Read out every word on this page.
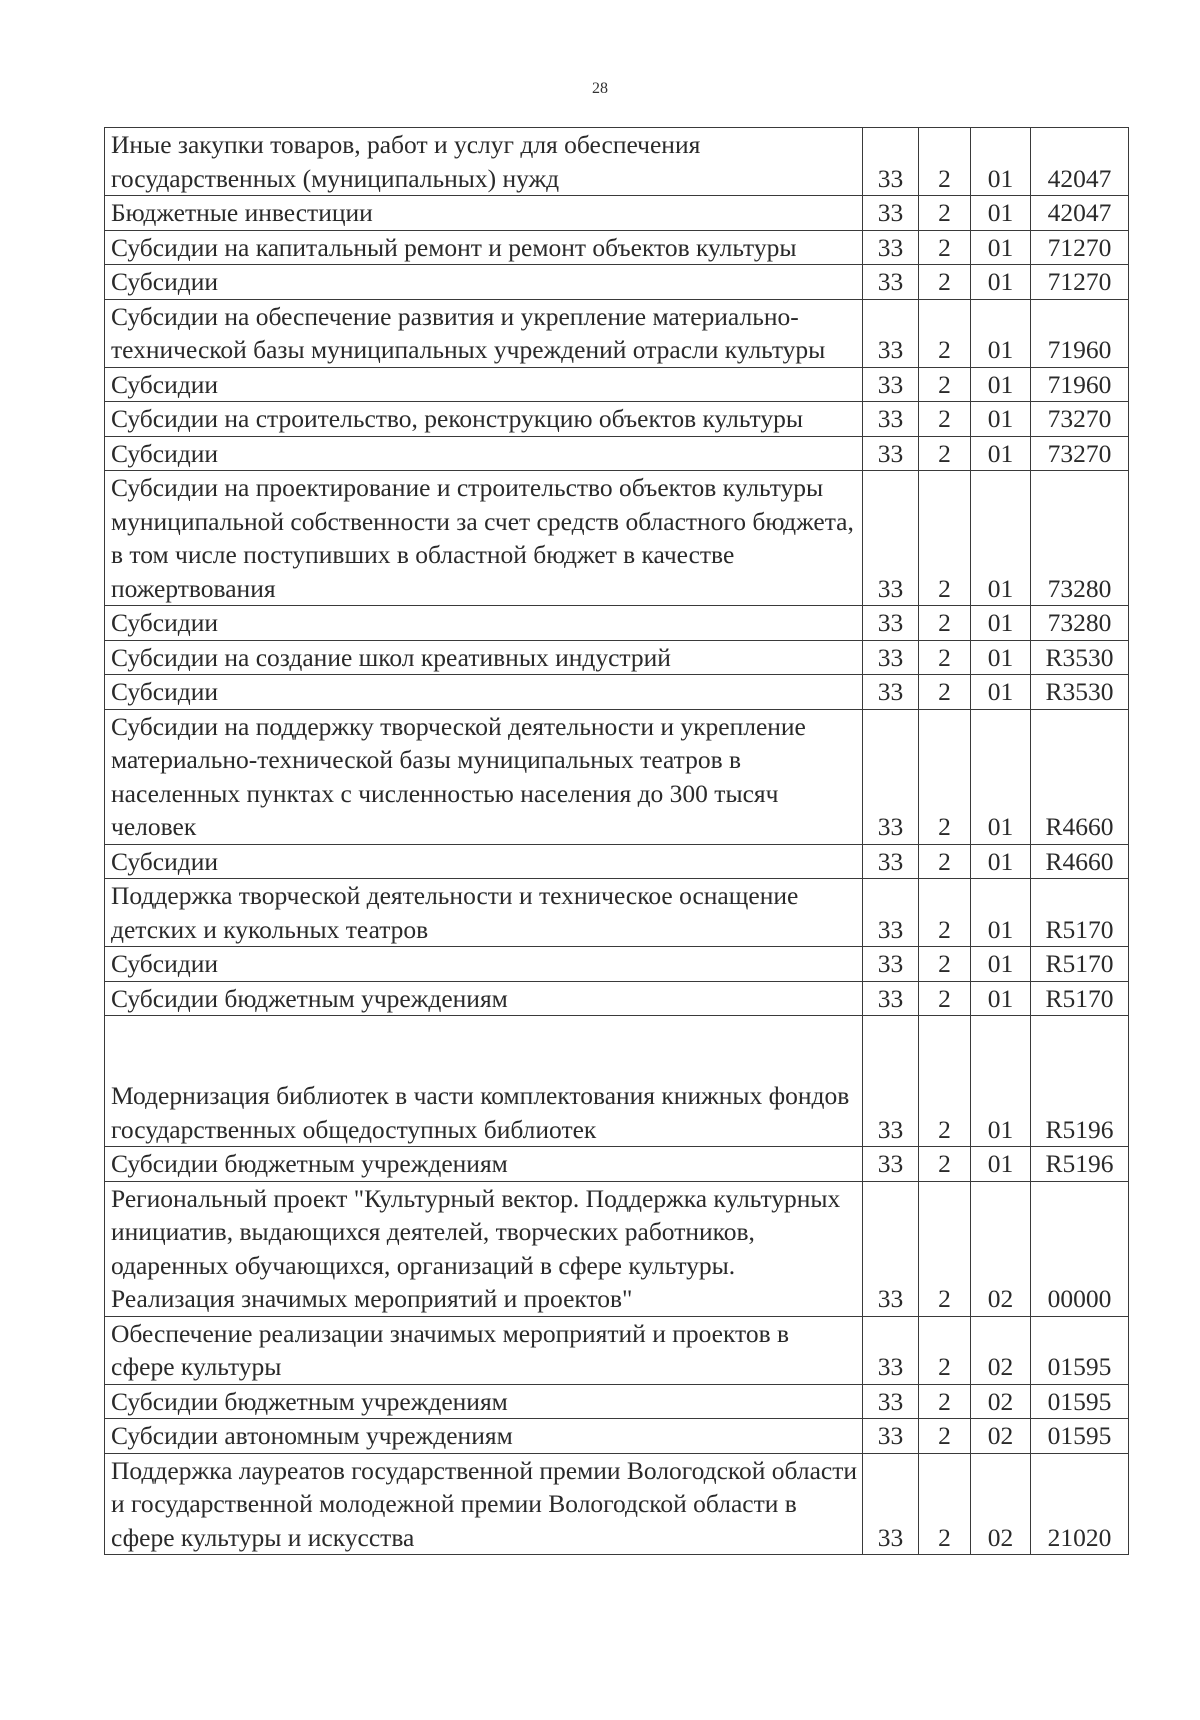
28
Иные закупки товаров, работ и услуг для обеспечения государственных (муниципальных) нужд	33	2	01	42047
Бюджетные инвестиции	33	2	01	42047
Субсидии на капитальный ремонт и ремонт объектов культуры	33	2	01	71270
Субсидии	33	2	01	71270
Субсидии на обеспечение развития и укрепление материально-технической базы муниципальных учреждений отрасли культуры	33	2	01	71960
Субсидии	33	2	01	71960
Субсидии на строительство, реконструкцию объектов культуры	33	2	01	73270
Субсидии	33	2	01	73270
Субсидии на проектирование и строительство объектов культуры муниципальной собственности за счет средств областного бюджета, в том числе поступивших в областной бюджет в качестве пожертвования	33	2	01	73280
Субсидии	33	2	01	73280
Субсидии на создание школ креативных индустрий	33	2	01	R3530
Субсидии	33	2	01	R3530
Субсидии на поддержку творческой деятельности и укрепление материально-технической базы муниципальных театров в населенных пунктах с численностью населения до 300 тысяч человек	33	2	01	R4660
Субсидии	33	2	01	R4660
Поддержка творческой деятельности и техническое оснащение детских и кукольных театров	33	2	01	R5170
Субсидии	33	2	01	R5170
Субсидии бюджетным учреждениям	33	2	01	R5170
Модернизация библиотек в части комплектования книжных фондов государственных общедоступных библиотек	33	2	01	R5196
Субсидии бюджетным учреждениям	33	2	01	R5196
Региональный проект "Культурный вектор. Поддержка культурных инициатив, выдающихся деятелей, творческих работников, одаренных обучающихся, организаций в сфере культуры. Реализация значимых мероприятий и проектов"	33	2	02	00000
Обеспечение реализации значимых мероприятий и проектов в сфере культуры	33	2	02	01595
Субсидии бюджетным учреждениям	33	2	02	01595
Субсидии автономным учреждениям	33	2	02	01595
Поддержка лауреатов государственной премии Вологодской области и государственной молодежной премии Вологодской области в сфере культуры и искусства	33	2	02	21020
